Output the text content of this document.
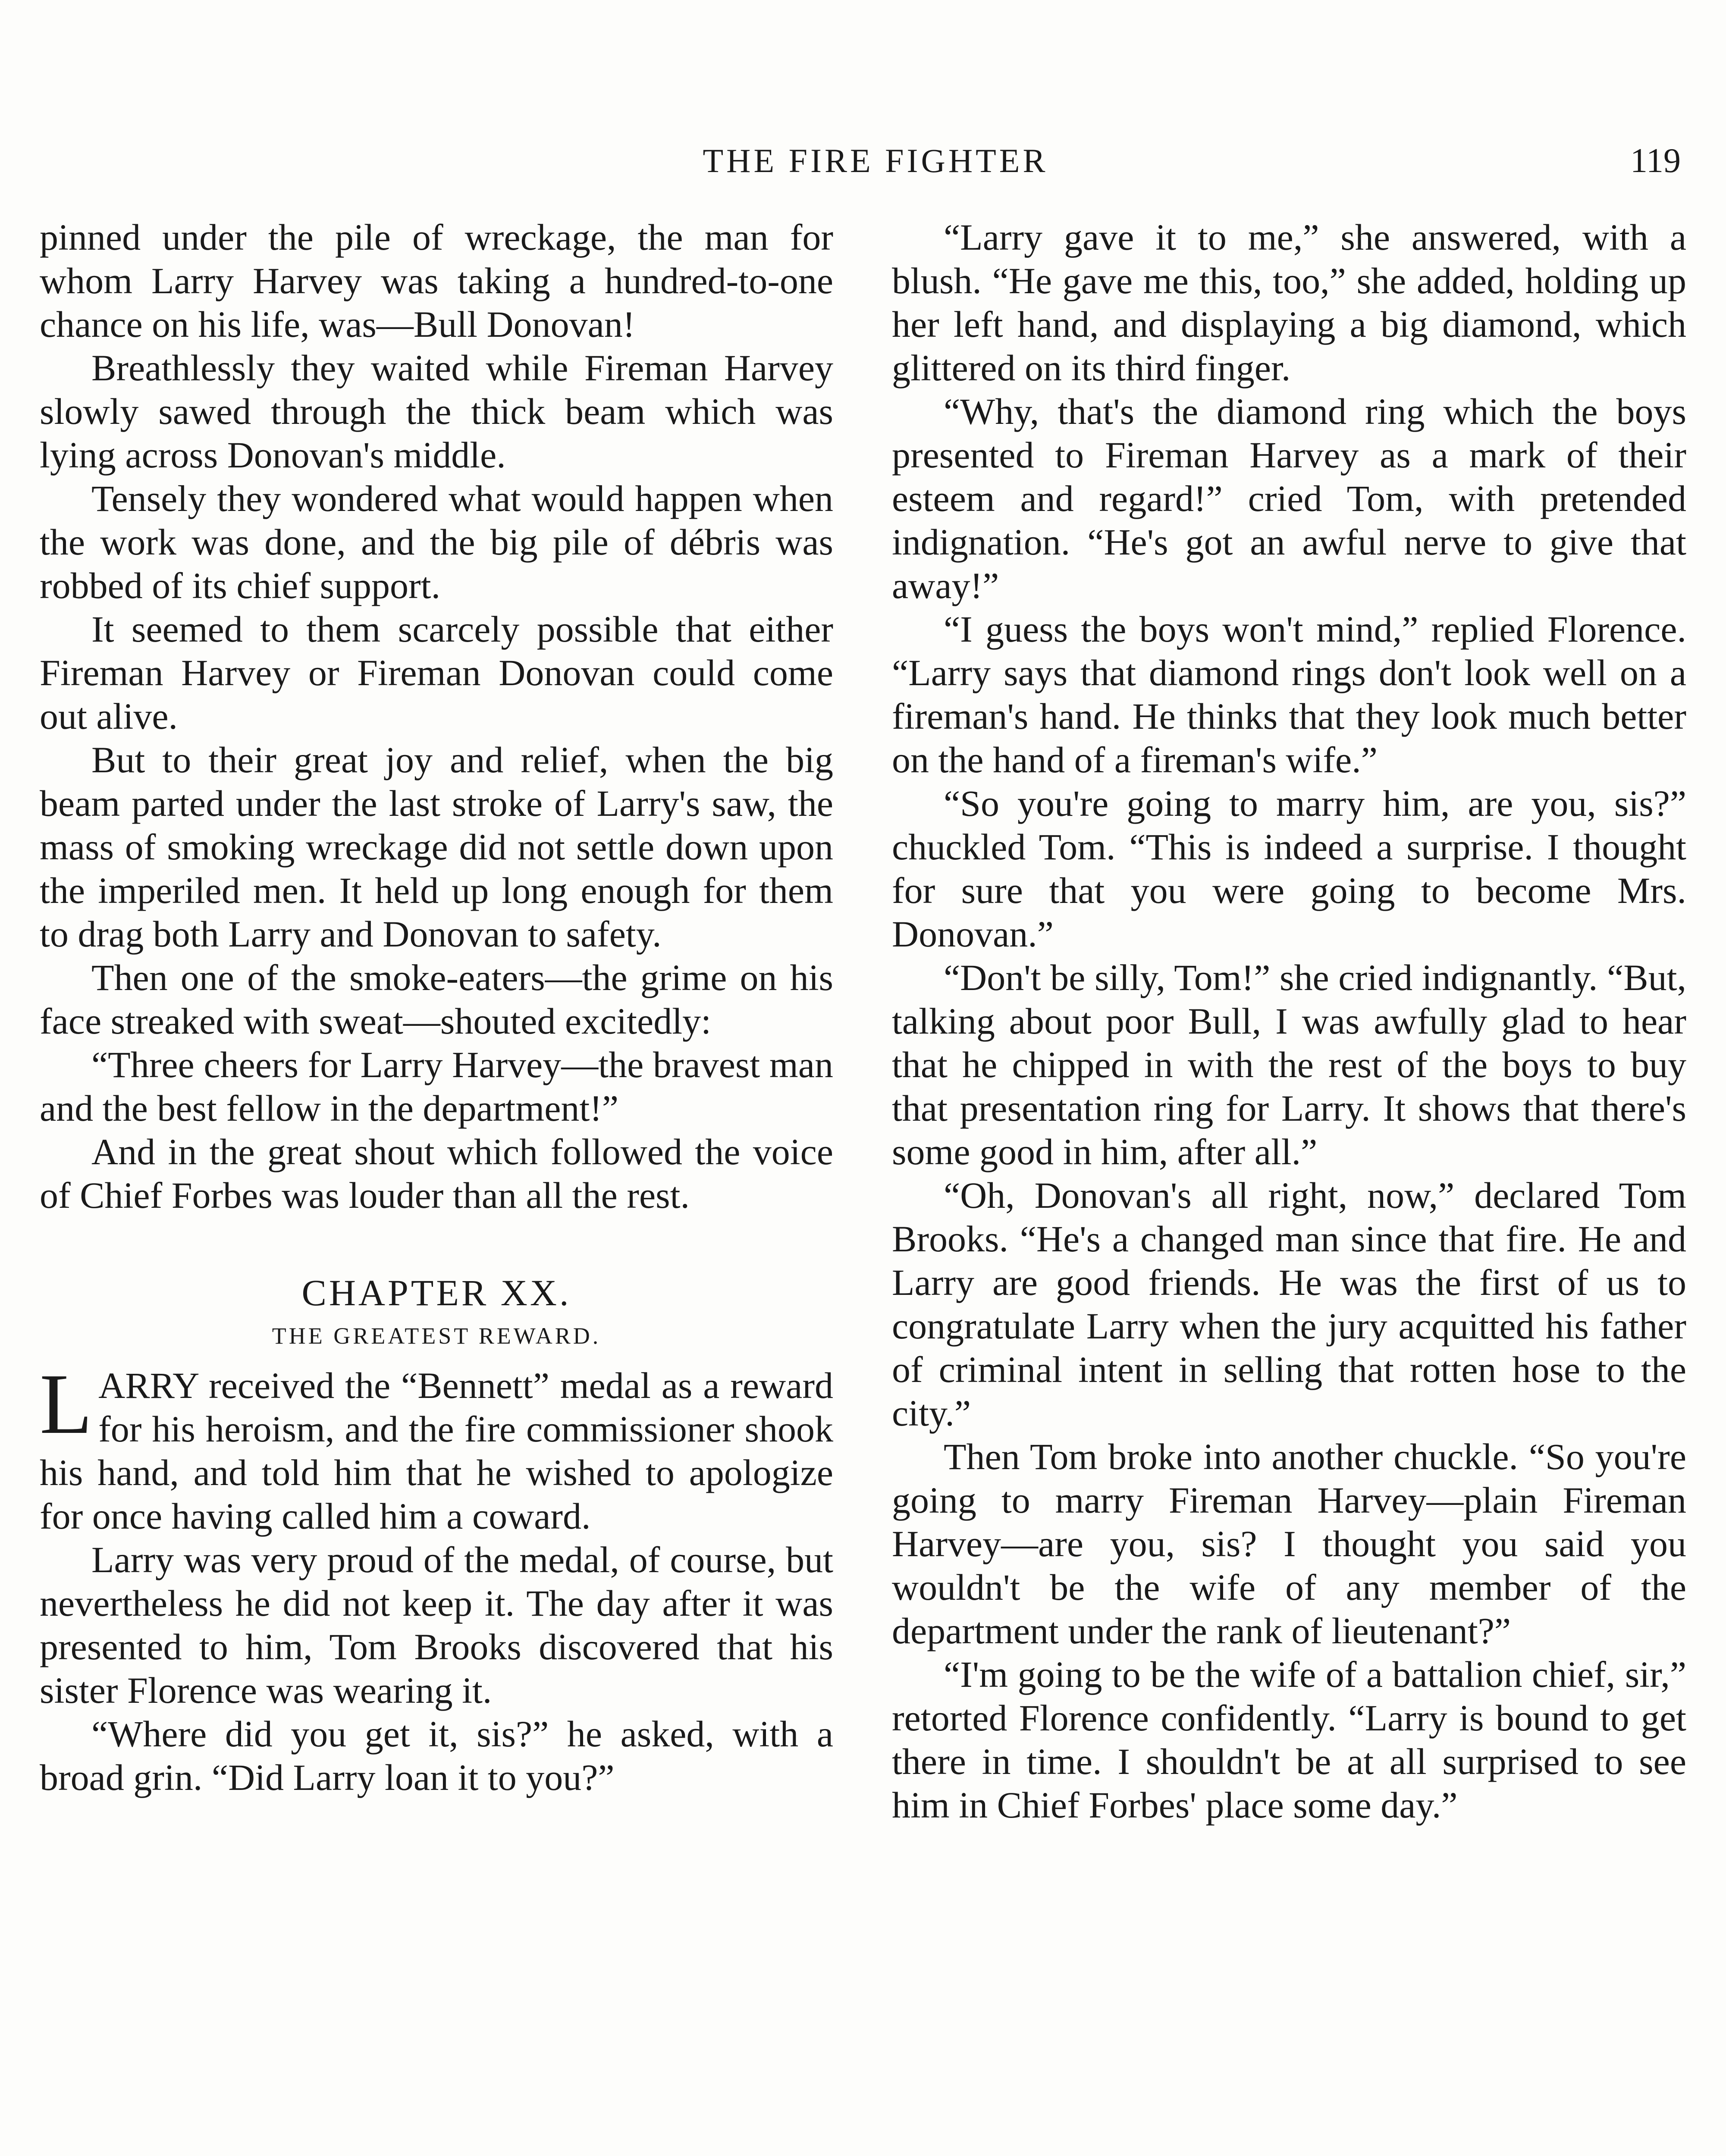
THE FIRE FIGHTER	119

pinned under the pile of wreckage, the man for whom Larry Harvey was taking a hundred-to-one chance on his life, was—Bull Donovan!

Breathlessly they waited while Fireman Harvey slowly sawed through the thick beam which was lying across Donovan's middle.

Tensely they wondered what would happen when the work was done, and the big pile of débris was robbed of its chief support.

It seemed to them scarcely possible that either Fireman Harvey or Fireman Donovan could come out alive.

But to their great joy and relief, when the big beam parted under the last stroke of Larry's saw, the mass of smoking wreckage did not settle down upon the imperiled men. It held up long enough for them to drag both Larry and Donovan to safety.

Then one of the smoke-eaters—the grime on his face streaked with sweat—shouted excitedly:

“Three cheers for Larry Harvey—the bravest man and the best fellow in the department!”

And in the great shout which followed the voice of Chief Forbes was louder than all the rest.

CHAPTER XX.
THE GREATEST REWARD.

LARRY received the “Bennett” medal as a reward for his heroism, and the fire commissioner shook his hand, and told him that he wished to apologize for once having called him a coward.

Larry was very proud of the medal, of course, but nevertheless he did not keep it. The day after it was presented to him, Tom Brooks discovered that his sister Florence was wearing it.

“Where did you get it, sis?” he asked, with a broad grin. “Did Larry loan it to you?”

“Larry gave it to me,” she answered, with a blush. “He gave me this, too,” she added, holding up her left hand, and displaying a big diamond, which glittered on its third finger.

“Why, that's the diamond ring which the boys presented to Fireman Harvey as a mark of their esteem and regard!” cried Tom, with pretended indignation. “He's got an awful nerve to give that away!”

“I guess the boys won't mind,” replied Florence. “Larry says that diamond rings don't look well on a fireman's hand. He thinks that they look much better on the hand of a fireman's wife.”

“So you're going to marry him, are you, sis?” chuckled Tom. “This is indeed a surprise. I thought for sure that you were going to become Mrs. Donovan.”

“Don't be silly, Tom!” she cried indignantly. “But, talking about poor Bull, I was awfully glad to hear that he chipped in with the rest of the boys to buy that presentation ring for Larry. It shows that there's some good in him, after all.”

“Oh, Donovan's all right, now,” declared Tom Brooks. “He's a changed man since that fire. He and Larry are good friends. He was the first of us to congratulate Larry when the jury acquitted his father of criminal intent in selling that rotten hose to the city.”

Then Tom broke into another chuckle. “So you're going to marry Fireman Harvey—plain Fireman Harvey—are you, sis? I thought you said you wouldn't be the wife of any member of the department under the rank of lieutenant?”

“I'm going to be the wife of a battalion chief, sir,” retorted Florence confidently. “Larry is bound to get there in time. I shouldn't be at all surprised to see him in Chief Forbes' place some day.”
